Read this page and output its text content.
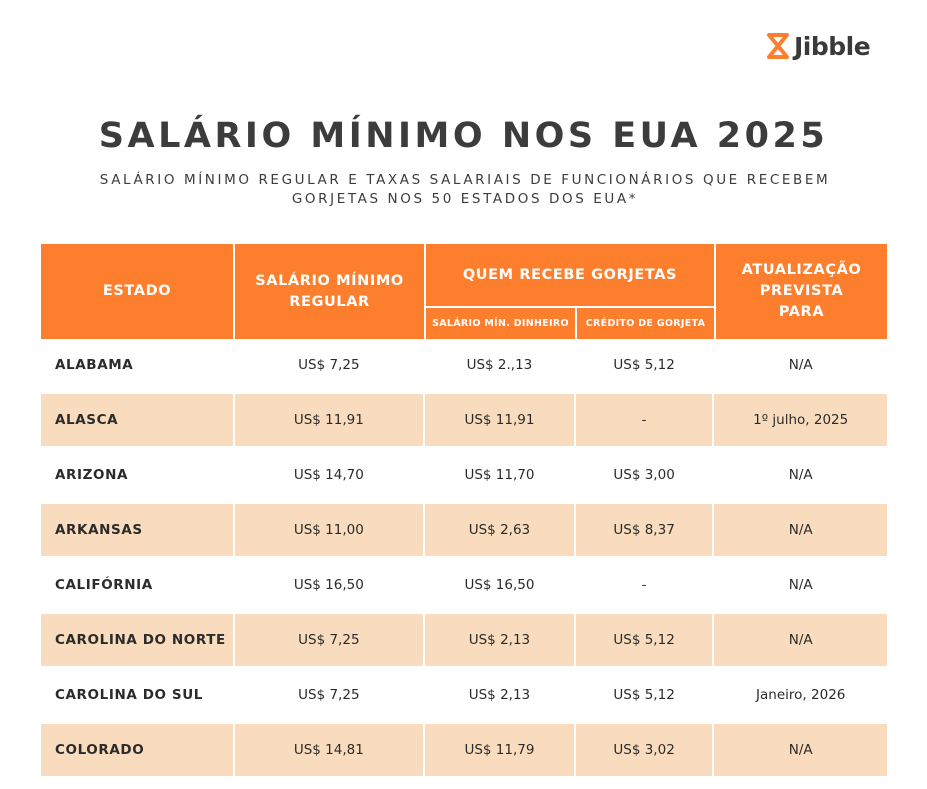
Jibble
SALÁRIO MÍNIMO NOS EUA 2025

SALÁRIO MÍNIMO REGULAR E TAXAS SALARIAIS DE FUNCIONÁRIOS QUE RECEBEM GORJETAS NOS 50 ESTADOS DOS EUA*

ESTADO
SALÁRIO MÍNIMO REGULAR
QUEM RECEBE GORJETAS
SALÁRIO MÍN. DINHEIRO	CRÉDITO DE GORJETA
ATUALIZAÇÃO PREVISTA PARA
ALABAMA	US$ 7,25	US$ 2.,13	US$ 5,12	N/A
ALASCA	US$ 11,91	US$ 11,91	-	1º julho, 2025
ARIZONA	US$ 14,70	US$ 11,70	US$ 3,00	N/A
ARKANSAS	US$ 11,00	US$ 2,63	US$ 8,37	N/A
CALIFÓRNIA	US$ 16,50	US$ 16,50	-	N/A
CAROLINA DO NORTE	US$ 7,25	US$ 2,13	US$ 5,12	N/A
CAROLINA DO SUL	US$ 7,25	US$ 2,13	US$ 5,12	Janeiro, 2026
COLORADO	US$ 14,81	US$ 11,79	US$ 3,02	N/A
